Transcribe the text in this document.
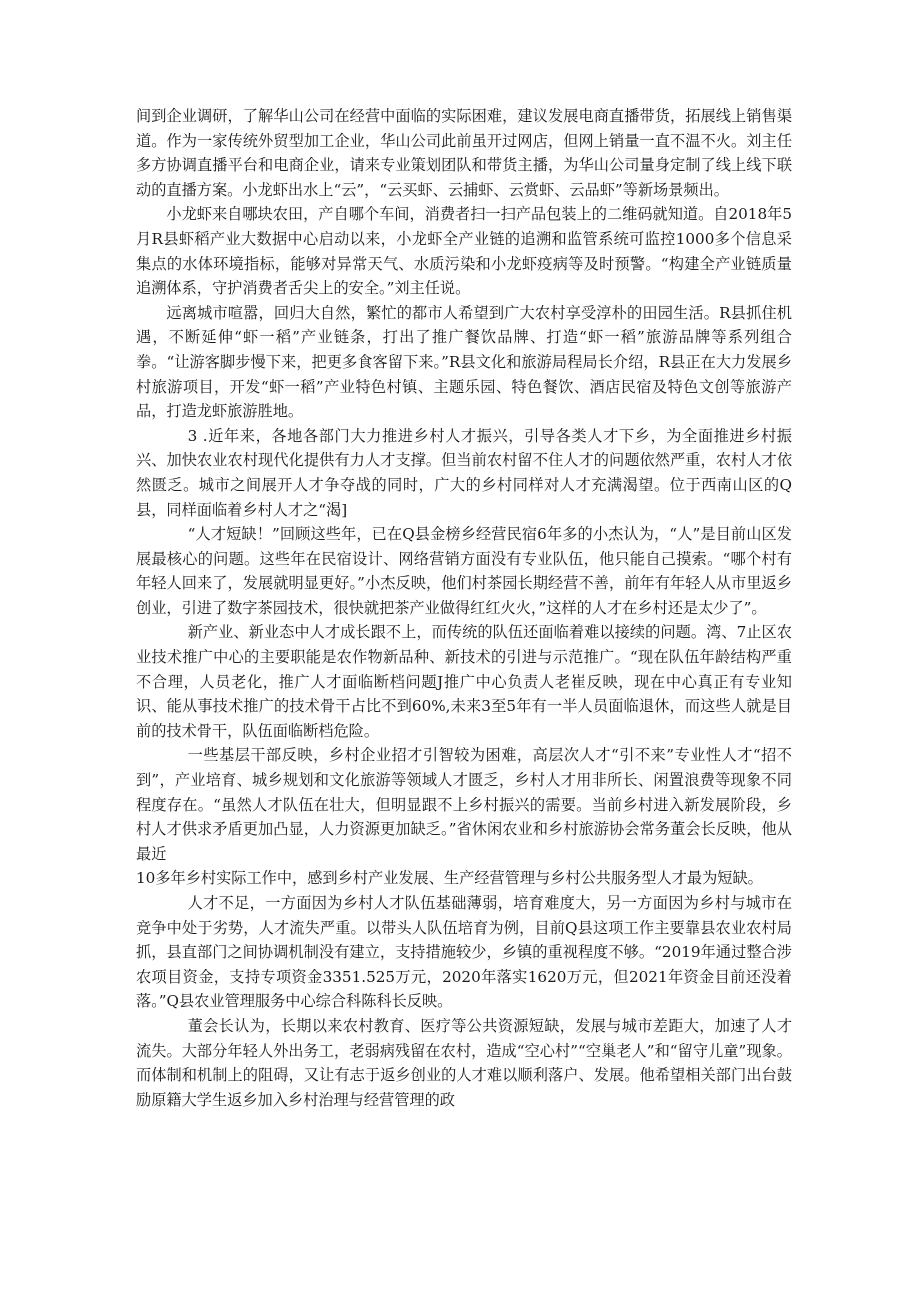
间到企业调研，了解华山公司在经营中面临的实际困难，建议发展电商直播带货，拓展线上销售渠道。作为一家传统外贸型加工企业，华山公司此前虽开过网店，但网上销量一直不温不火。刘主任多方协调直播平台和电商企业，请来专业策划团队和带货主播，为华山公司量身定制了线上线下联动的直播方案。小龙虾出水上“云”，“云买虾、云捕虾、云赏虾、云品虾”等新场景频出。

小龙虾来自哪块农田，产自哪个车间，消费者扫一扫产品包装上的二维码就知道。自2018年5月R县虾稻产业大数据中心启动以来，小龙虾全产业链的追溯和监管系统可监控1000多个信息采集点的水体环境指标，能够对异常天气、水质污染和小龙虾疫病等及时预警。“构建全产业链质量追溯体系，守护消费者舌尖上的安全。”刘主任说。

远离城市喧嚣，回归大自然，繁忙的都市人希望到广大农村享受淳朴的田园生活。R县抓住机遇，不断延伸“虾一稻”产业链条，打出了推广餐饮品牌、打造“虾一稻”旅游品牌等系列组合拳。“让游客脚步慢下来，把更多食客留下来。”R县文化和旅游局程局长介绍，R县正在大力发展乡村旅游项目，开发“虾一稻”产业特色村镇、主题乐园、特色餐饮、酒店民宿及特色文创等旅游产品，打造龙虾旅游胜地。

3 .近年来，各地各部门大力推进乡村人才振兴，引导各类人才下乡，为全面推进乡村振兴、加快农业农村现代化提供有力人才支撑。但当前农村留不住人才的问题依然严重，农村人才依然匮乏。城市之间展开人才争夺战的同时，广大的乡村同样对人才充满渴望。位于西南山区的Q县，同样面临着乡村人才之“渴]

“人才短缺！”回顾这些年，已在Q县金榜乡经营民宿6年多的小杰认为，“人”是目前山区发展最核心的问题。这些年在民宿设计、网络营销方面没有专业队伍，他只能自己摸索。“哪个村有年轻人回来了，发展就明显更好。”小杰反映，他们村茶园长期经营不善，前年有年轻人从市里返乡创业，引进了数字茶园技术，很快就把茶产业做得红红火火，”这样的人才在乡村还是太少了”。

新产业、新业态中人才成长跟不上，而传统的队伍还面临着难以接续的问题。湾、7止区农业技术推广中心的主要职能是农作物新品种、新技术的引进与示范推广。“现在队伍年龄结构严重不合理，人员老化，推广人才面临断档问题J推广中心负责人老崔反映，现在中心真正有专业知识、能从事技术推广的技术骨干占比不到60%,未来3至5年有一半人员面临退休，而这些人就是目前的技术骨干，队伍面临断档危险。

一些基层干部反映，乡村企业招才引智较为困难，高层次人才“引不来”专业性人才“招不到”，产业培育、城乡规划和文化旅游等领域人才匮乏，乡村人才用非所长、闲置浪费等现象不同程度存在。“虽然人才队伍在壮大，但明显跟不上乡村振兴的需要。当前乡村进入新发展阶段，乡村人才供求矛盾更加凸显，人力资源更加缺乏。”省休闲农业和乡村旅游协会常务董会长反映，他从最近

10多年乡村实际工作中，感到乡村产业发展、生产经营管理与乡村公共服务型人才最为短缺。

人才不足，一方面因为乡村人才队伍基础薄弱，培育难度大，另一方面因为乡村与城市在竞争中处于劣势，人才流失严重。以带头人队伍培育为例，目前Q县这项工作主要靠县农业农村局抓，县直部门之间协调机制没有建立，支持措施较少，乡镇的重视程度不够。“2019年通过整合涉农项目资金，支持专项资金3351.525万元，2020年落实1620万元，但2021年资金目前还没着落。”Q县农业管理服务中心综合科陈科长反映。

董会长认为，长期以来农村教育、医疗等公共资源短缺，发展与城市差距大，加速了人才流失。大部分年轻人外出务工，老弱病残留在农村，造成“空心村”“空巢老人”和“留守儿童”现象。而体制和机制上的阻碍，又让有志于返乡创业的人才难以顺利落户、发展。他希望相关部门出台鼓励原籍大学生返乡加入乡村治理与经营管理的政
